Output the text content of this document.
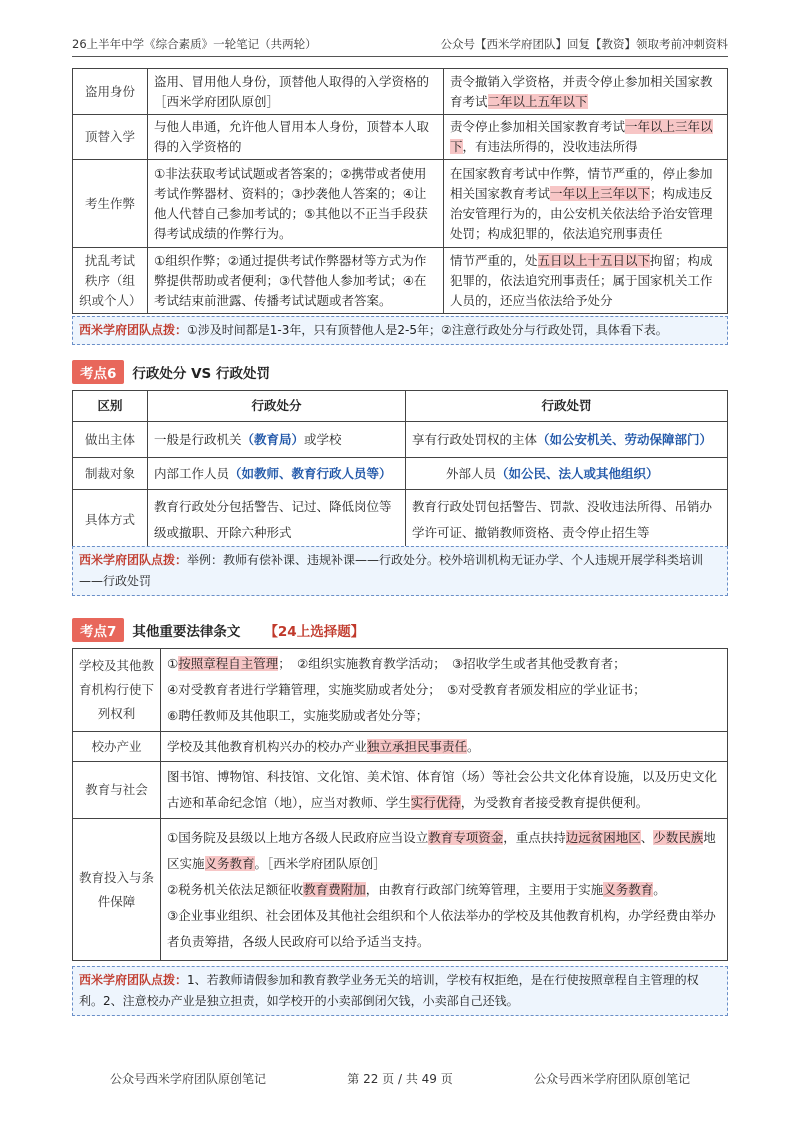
26上半年中学《综合素质》一轮笔记（共两轮）	公众号【西米学府团队】回复【教资】领取考前冲刺资料
盗用身份	盗用、冒用他人身份，顶替他人取得的入学资格的［西米学府团队原创］	责令撤销入学资格，并责令停止参加相关国家教育考试二年以上五年以下
顶替入学	与他人串通，允许他人冒用本人身份，顶替本人取得的入学资格的	责令停止参加相关国家教育考试一年以上三年以下，有违法所得的，没收违法所得
考生作弊	①非法获取考试试题或者答案的；②携带或者使用考试作弊器材、资料的；③抄袭他人答案的；④让他人代替自己参加考试的；⑤其他以不正当手段获得考试成绩的作弊行为。	在国家教育考试中作弊，情节严重的，停止参加相关国家教育考试一年以上三年以下；构成违反治安管理行为的，由公安机关依法给予治安管理处罚；构成犯罪的，依法追究刑事责任
扰乱考试秩序（组织或个人）	①组织作弊；②通过提供考试作弊器材等方式为作弊提供帮助或者便利；③代替他人参加考试；④在考试结束前泄露、传播考试试题或者答案。	情节严重的，处五日以上十五日以下拘留；构成犯罪的，依法追究刑事责任；属于国家机关工作人员的，还应当依法给予处分
西米学府团队点拨：①涉及时间都是1-3年，只有顶替他人是2-5年；②注意行政处分与行政处罚，具体看下表。
考点6	行政处分 VS 行政处罚
区别	行政处分	行政处罚
做出主体	一般是行政机关（教育局）或学校	享有行政处罚权的主体（如公安机关、劳动保障部门）
制裁对象	内部工作人员（如教师、教育行政人员等）	外部人员（如公民、法人或其他组织）
具体方式	教育行政处分包括警告、记过、降低岗位等级或撤职、开除六种形式	教育行政处罚包括警告、罚款、没收违法所得、吊销办学许可证、撤销教师资格、责令停止招生等
西米学府团队点拨：举例：教师有偿补课、违规补课——行政处分。校外培训机构无证办学、个人违规开展学科类培训——行政处罚
考点7	其他重要法律条文 【24上选择题】
学校及其他教育机构行使下列权利	①按照章程自主管理；　②组织实施教育教学活动；　③招收学生或者其他受教育者；
④对受教育者进行学籍管理，实施奖励或者处分；　⑤对受教育者颁发相应的学业证书；
⑥聘任教师及其他职工，实施奖励或者处分等；

校办产业	学校及其他教育机构兴办的校办产业独立承担民事责任。
教育与社会	图书馆、博物馆、科技馆、文化馆、美术馆、体育馆（场）等社会公共文化体育设施，以及历史文化古迹和革命纪念馆（地），应当对教师、学生实行优待，为受教育者接受教育提供便利。
教育投入与条件保障	①国务院及县级以上地方各级人民政府应当设立教育专项资金，重点扶持边远贫困地区、少数民族地区实施义务教育。［西米学府团队原创］
②税务机关依法足额征收教育费附加，由教育行政部门统筹管理，主要用于实施义务教育。
③企业事业组织、社会团体及其他社会组织和个人依法举办的学校及其他教育机构，办学经费由举办者负责筹措，各级人民政府可以给予适当支持。
西米学府团队点拨：1、若教师请假参加和教育教学业务无关的培训，学校有权拒绝，是在行使按照章程自主管理的权利。2、注意校办产业是独立担责，如学校开的小卖部倒闭欠钱，小卖部自己还钱。
公众号西米学府团队原创笔记	第 22 页 / 共 49 页	公众号西米学府团队原创笔记
